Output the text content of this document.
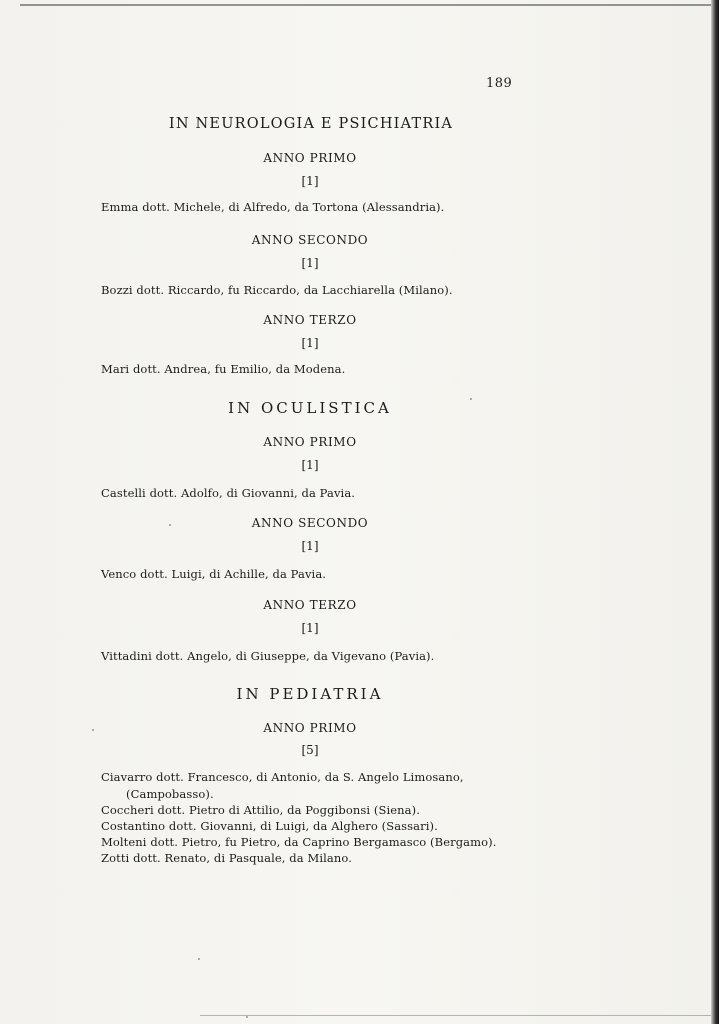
189
IN NEUROLOGIA E PSICHIATRIA
ANNO PRIMO
[1]
Emma dott. Michele, di Alfredo, da Tortona (Alessandria).
ANNO SECONDO
[1]
Bozzi dott. Riccardo, fu Riccardo, da Lacchiarella (Milano).
ANNO TERZO
[1]
Mari dott. Andrea, fu Emilio, da Modena.
IN OCULISTICA
ANNO PRIMO
[1]
Castelli dott. Adolfo, di Giovanni, da Pavia.
ANNO SECONDO
[1]
Venco dott. Luigi, di Achille, da Pavia.
ANNO TERZO
[1]
Vittadini dott. Angelo, di Giuseppe, da Vigevano (Pavia).
IN PEDIATRIA
ANNO PRIMO
[5]
Ciavarro dott. Francesco, di Antonio, da S. Angelo Limosano,
(Campobasso).
Coccheri dott. Pietro di Attilio, da Poggibonsi (Siena).
Costantino dott. Giovanni, di Luigi, da Alghero (Sassari).
Molteni dott. Pietro, fu Pietro, da Caprino Bergamasco (Bergamo).
Zotti dott. Renato, di Pasquale, da Milano.
